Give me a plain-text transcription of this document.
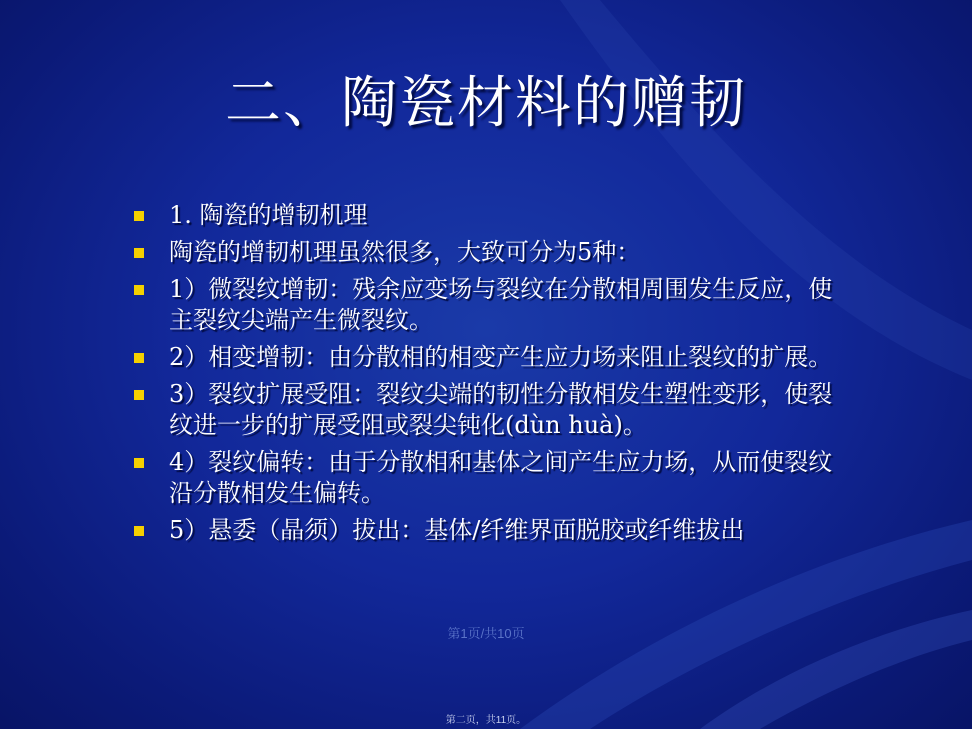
二、陶瓷材料的赠韧
1. 陶瓷的增韧机理
陶瓷的增韧机理虽然很多，大致可分为5种：
1）微裂纹增韧：残余应变场与裂纹在分散相周围发生反应，使主裂纹尖端产生微裂纹。
2）相变增韧：由分散相的相变产生应力场来阻止裂纹的扩展。
3）裂纹扩展受阻：裂纹尖端的韧性分散相发生塑性变形，使裂纹进一步的扩展受阻或裂尖钝化(dùn huà)。
4）裂纹偏转：由于分散相和基体之间产生应力场，从而使裂纹沿分散相发生偏转。
5）悬委（晶须）拔出：基体/纤维界面脱胶或纤维拔出
第1页/共10页
第二页，共11页。
